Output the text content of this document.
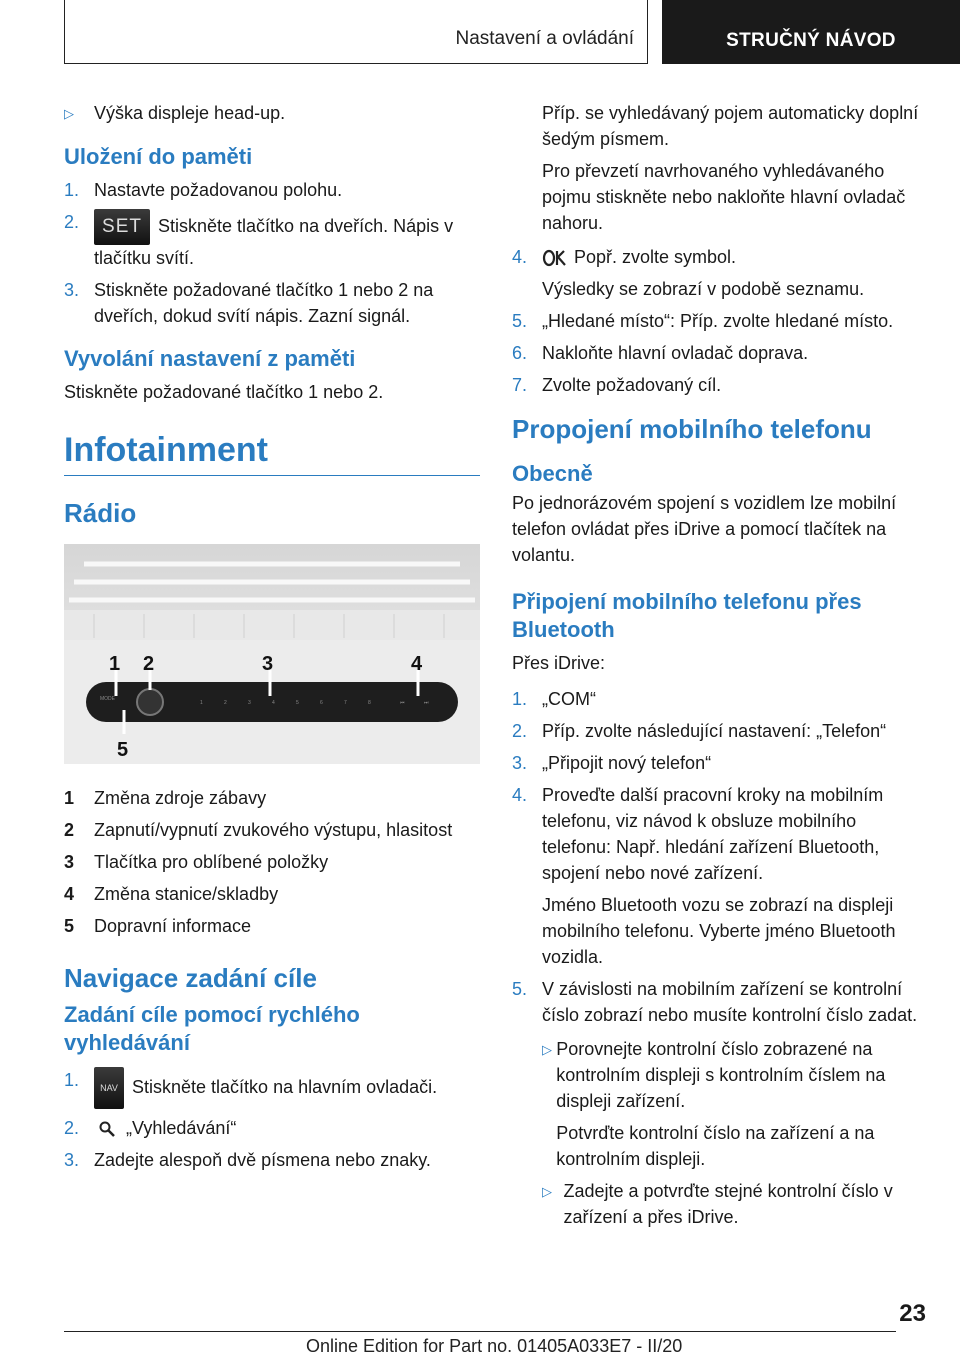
Nastavení a ovládání	STRUČNÝ NÁVOD
▷	Výška displeje head-up.
Uložení do paměti
1. Nastavte požadovanou polohu.
2.	SET Stiskněte tlačítko na dveřích. Nápis v tlačítku svítí.
3. Stiskněte požadované tlačítko 1 nebo 2 na dveřích, dokud svítí nápis. Zazní signál.
Vyvolání nastavení z paměti
Stiskněte požadované tlačítko 1 nebo 2.
Infotainment
Rádio
MODE
1	2	3	4	5	6	7	8	⏮	⏭
1 2	3	4
5
1	Změna zdroje zábavy
2	Zapnutí/vypnutí zvukového výstupu, hlasitost
3	Tlačítka pro oblíbené položky
4	Změna stanice/skladby
5	Dopravní informace
Navigace zadání cíle
Zadání cíle pomocí rychlého vyhledávání
1.	NAV Stiskněte tlačítko na hlavním ovladači.
2.	„Vyhledávání“
3. Zadejte alespoň dvě písmena nebo znaky.
Příp. se vyhledávaný pojem automaticky doplní šedým písmem.
Pro převzetí navrhovaného vyhledávaného pojmu stiskněte nebo nakloňte hlavní ovladač nahoru.
4.	Popř. zvolte symbol.
Výsledky se zobrazí v podobě seznamu.
5. „Hledané místo“: Příp. zvolte hledané místo.
6. Nakloňte hlavní ovladač doprava.
7. Zvolte požadovaný cíl.
Propojení mobilního telefonu
Obecně
Po jednorázovém spojení s vozidlem lze mobilní telefon ovládat přes iDrive a pomocí tlačítek na volantu.
Připojení mobilního telefonu přes Bluetooth
Přes iDrive:
1. „COM“
2. Příp. zvolte následující nastavení: „Telefon“
3. „Připojit nový telefon“
4. Proveďte další pracovní kroky na mobilním telefonu, viz návod k obsluze mobilního telefonu: Např. hledání zařízení Bluetooth, spojení nebo nové zařízení.
Jméno Bluetooth vozu se zobrazí na displeji mobilního telefonu. Vyberte jméno Bluetooth vozidla.
5. V závislosti na mobilním zařízení se kontrolní číslo zobrazí nebo musíte kontrolní číslo zadat.
▷ Porovnejte kontrolní číslo zobrazené na kontrolním displeji s kontrolním číslem na displeji zařízení.
Potvrďte kontrolní číslo na zařízení a na kontrolním displeji.
▷ Zadejte a potvrďte stejné kontrolní číslo v zařízení a přes iDrive.
23
Online Edition for Part no. 01405A033E7 - II/20
